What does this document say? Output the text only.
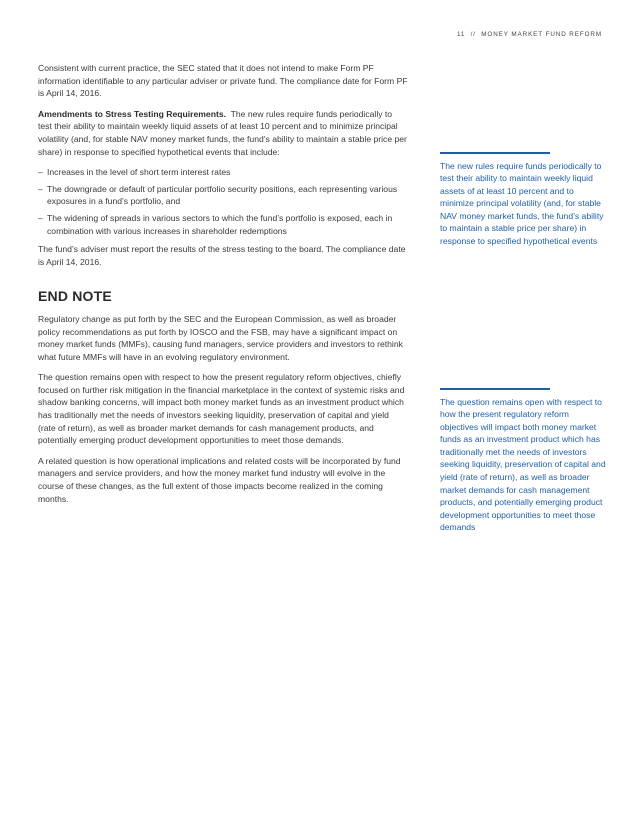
11 // MONEY MARKET FUND REFORM

Consistent with current practice, the SEC stated that it does not intend to make Form PF information identifiable to any particular adviser or private fund. The compliance date for Form PF is April 14, 2016.

Amendments to Stress Testing Requirements. The new rules require funds periodically to test their ability to maintain weekly liquid assets of at least 10 percent and to minimize principal volatility (and, for stable NAV money market funds, the fund’s ability to maintain a stable price per share) in response to specified hypothetical events that include:

– Increases in the level of short term interest rates
– The downgrade or default of particular portfolio security positions, each representing various exposures in a fund’s portfolio, and
– The widening of spreads in various sectors to which the fund’s portfolio is exposed, each in combination with various increases in shareholder redemptions

The fund’s adviser must report the results of the stress testing to the board. The compliance date is April 14, 2016.

END NOTE

Regulatory change as put forth by the SEC and the European Commission, as well as broader policy recommendations as put forth by IOSCO and the FSB, may have a significant impact on money market funds (MMFs), causing fund managers, service providers and investors to rethink what future MMFs will have in an evolving regulatory environment.

The question remains open with respect to how the present regulatory reform objectives, chiefly focused on further risk mitigation in the financial marketplace in the context of systemic risks and shadow banking concerns, will impact both money market funds as an investment product which has traditionally met the needs of investors seeking liquidity, preservation of capital and yield (rate of return), as well as broader market demands for cash management products, and potentially emerging product development opportunities to meet those demands.

A related question is how operational implications and related costs will be incorporated by fund managers and service providers, and how the money market fund industry will evolve in the course of these changes, as the full extent of those impacts become realized in the coming months.

The new rules require funds periodically to test their ability to maintain weekly liquid assets of at least 10 percent and to minimize principal volatility (and, for stable NAV money market funds, the fund’s ability to maintain a stable price per share) in response to specified hypothetical events
The question remains open with respect to how the present regulatory reform objectives will impact both money market funds as an investment product which has traditionally met the needs of investors seeking liquidity, preservation of capital and yield (rate of return), as well as broader market demands for cash management products, and potentially emerging product development opportunities to meet those demands
